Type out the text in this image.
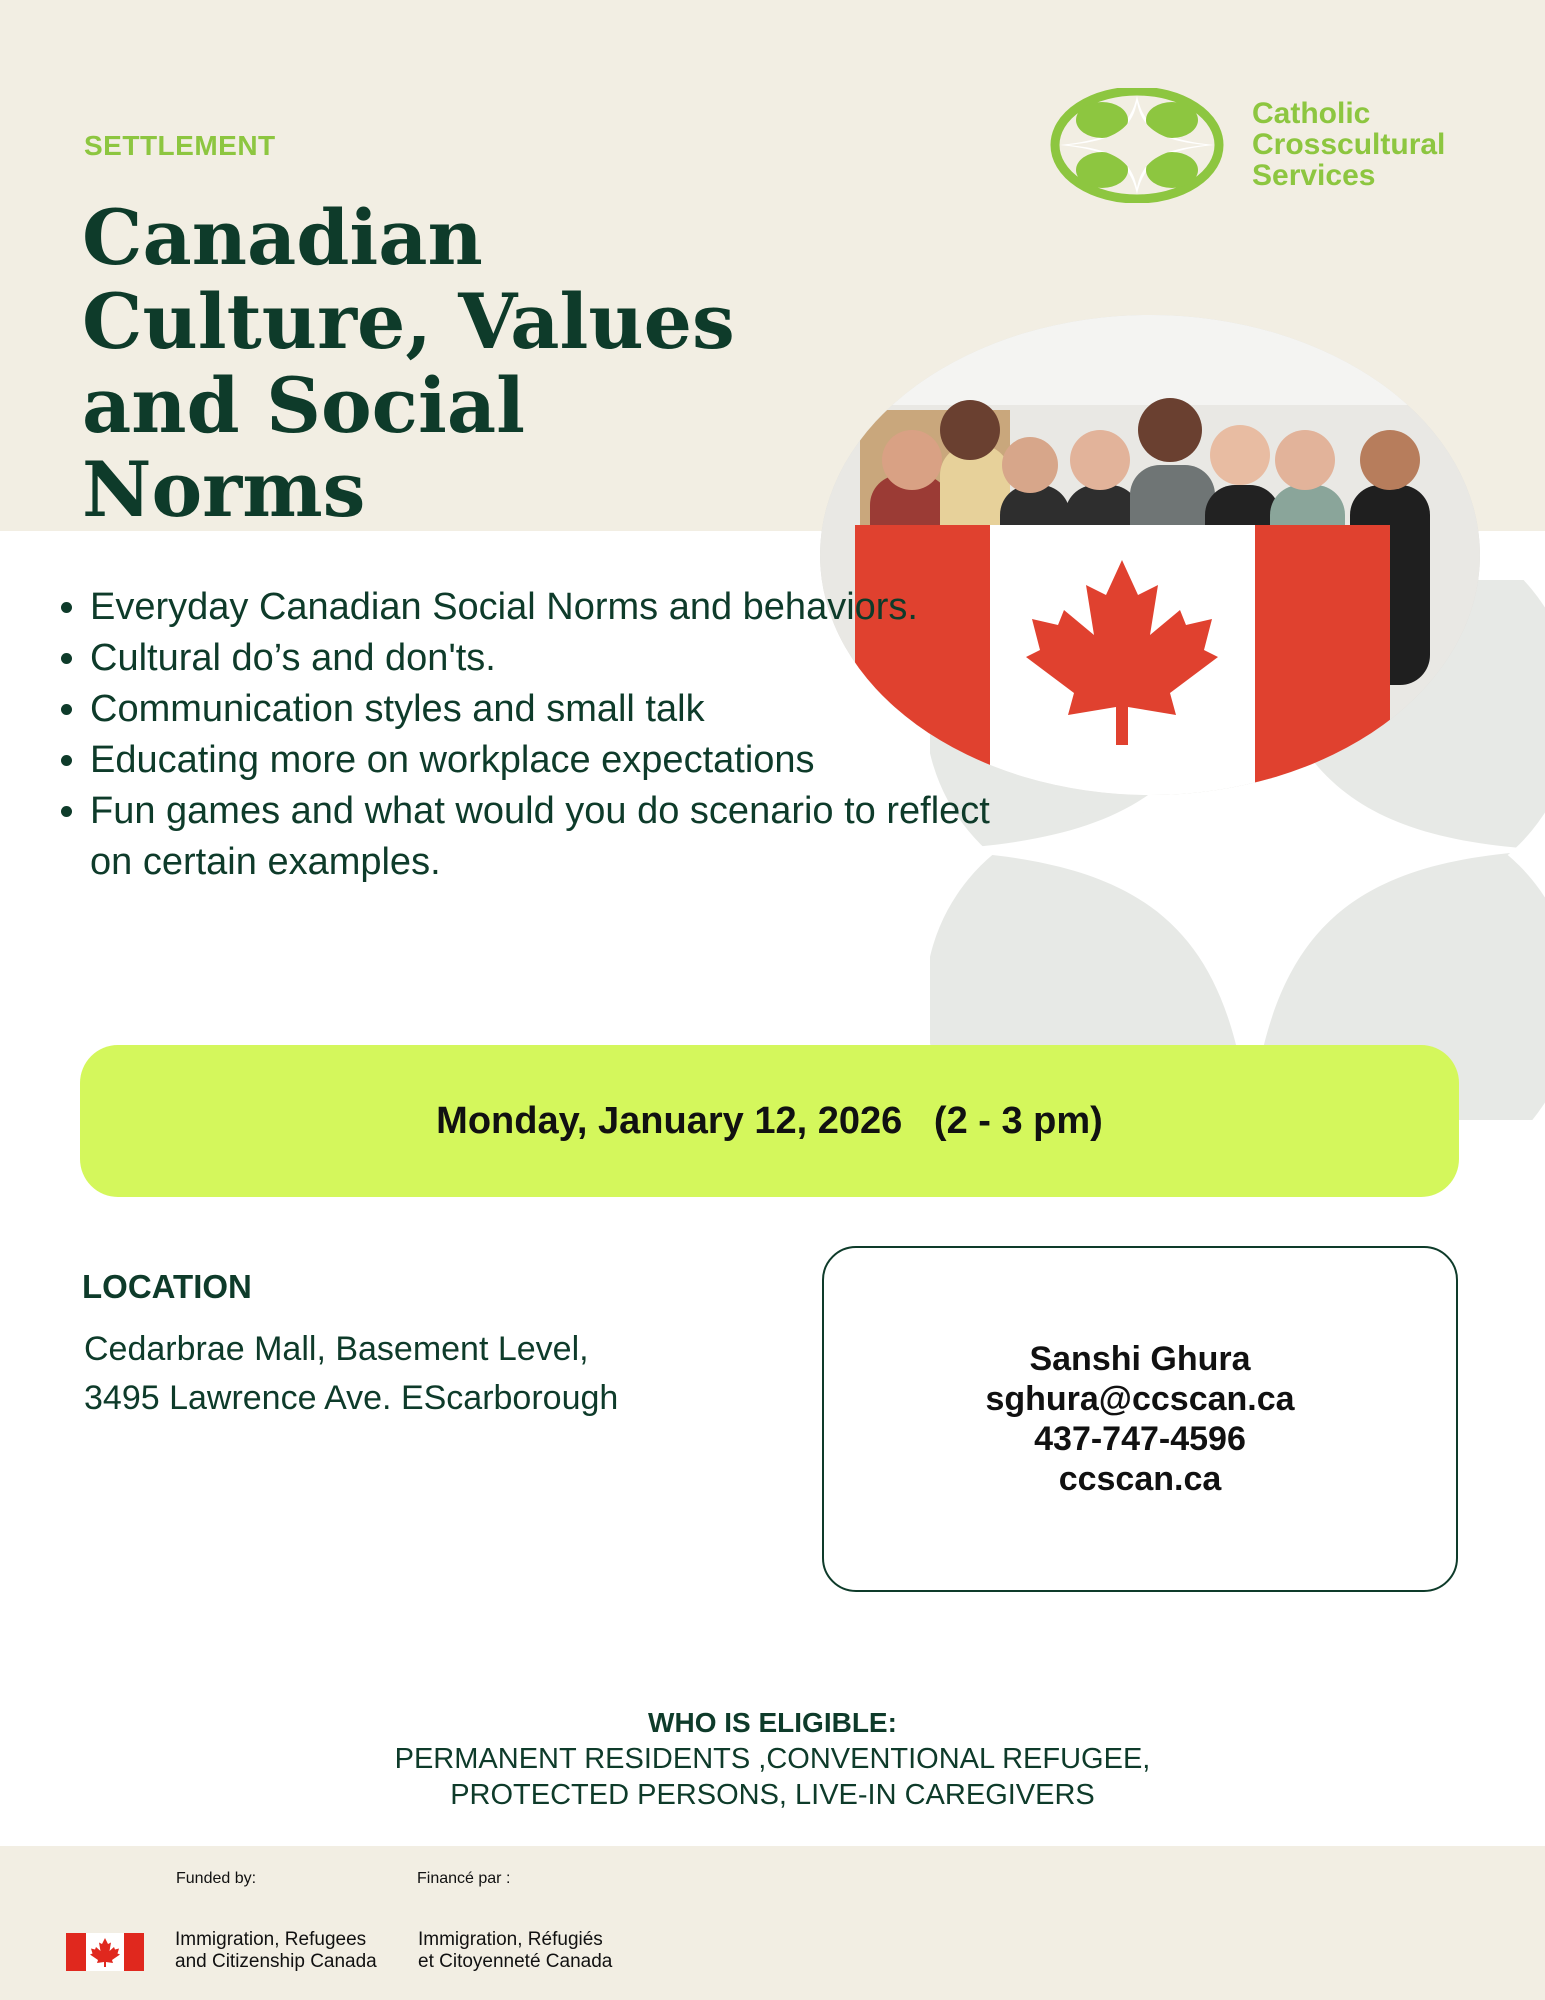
SETTLEMENT
Canadian Culture, Values and Social Norms
Catholic
Crosscultural
Services
• Everyday Canadian Social Norms and behaviors.
• Cultural do’s and don'ts.
• Communication styles and small talk
• Educating more on workplace expectations
• Fun games and what would you do scenario to reflect on certain examples.
Monday, January 12, 2026   (2 - 3 pm)
LOCATION
Cedarbrae Mall, Basement Level,
3495 Lawrence Ave. EScarborough
Sanshi Ghura
sghura@ccscan.ca
437-747-4596
ccscan.ca
WHO IS ELIGIBLE:
PERMANENT RESIDENTS ,CONVENTIONAL REFUGEE,
PROTECTED PERSONS, LIVE-IN CAREGIVERS
Funded by:	Financé par :
Immigration, Refugees
and Citizenship Canada
Immigration, Réfugiés
et Citoyenneté Canada
